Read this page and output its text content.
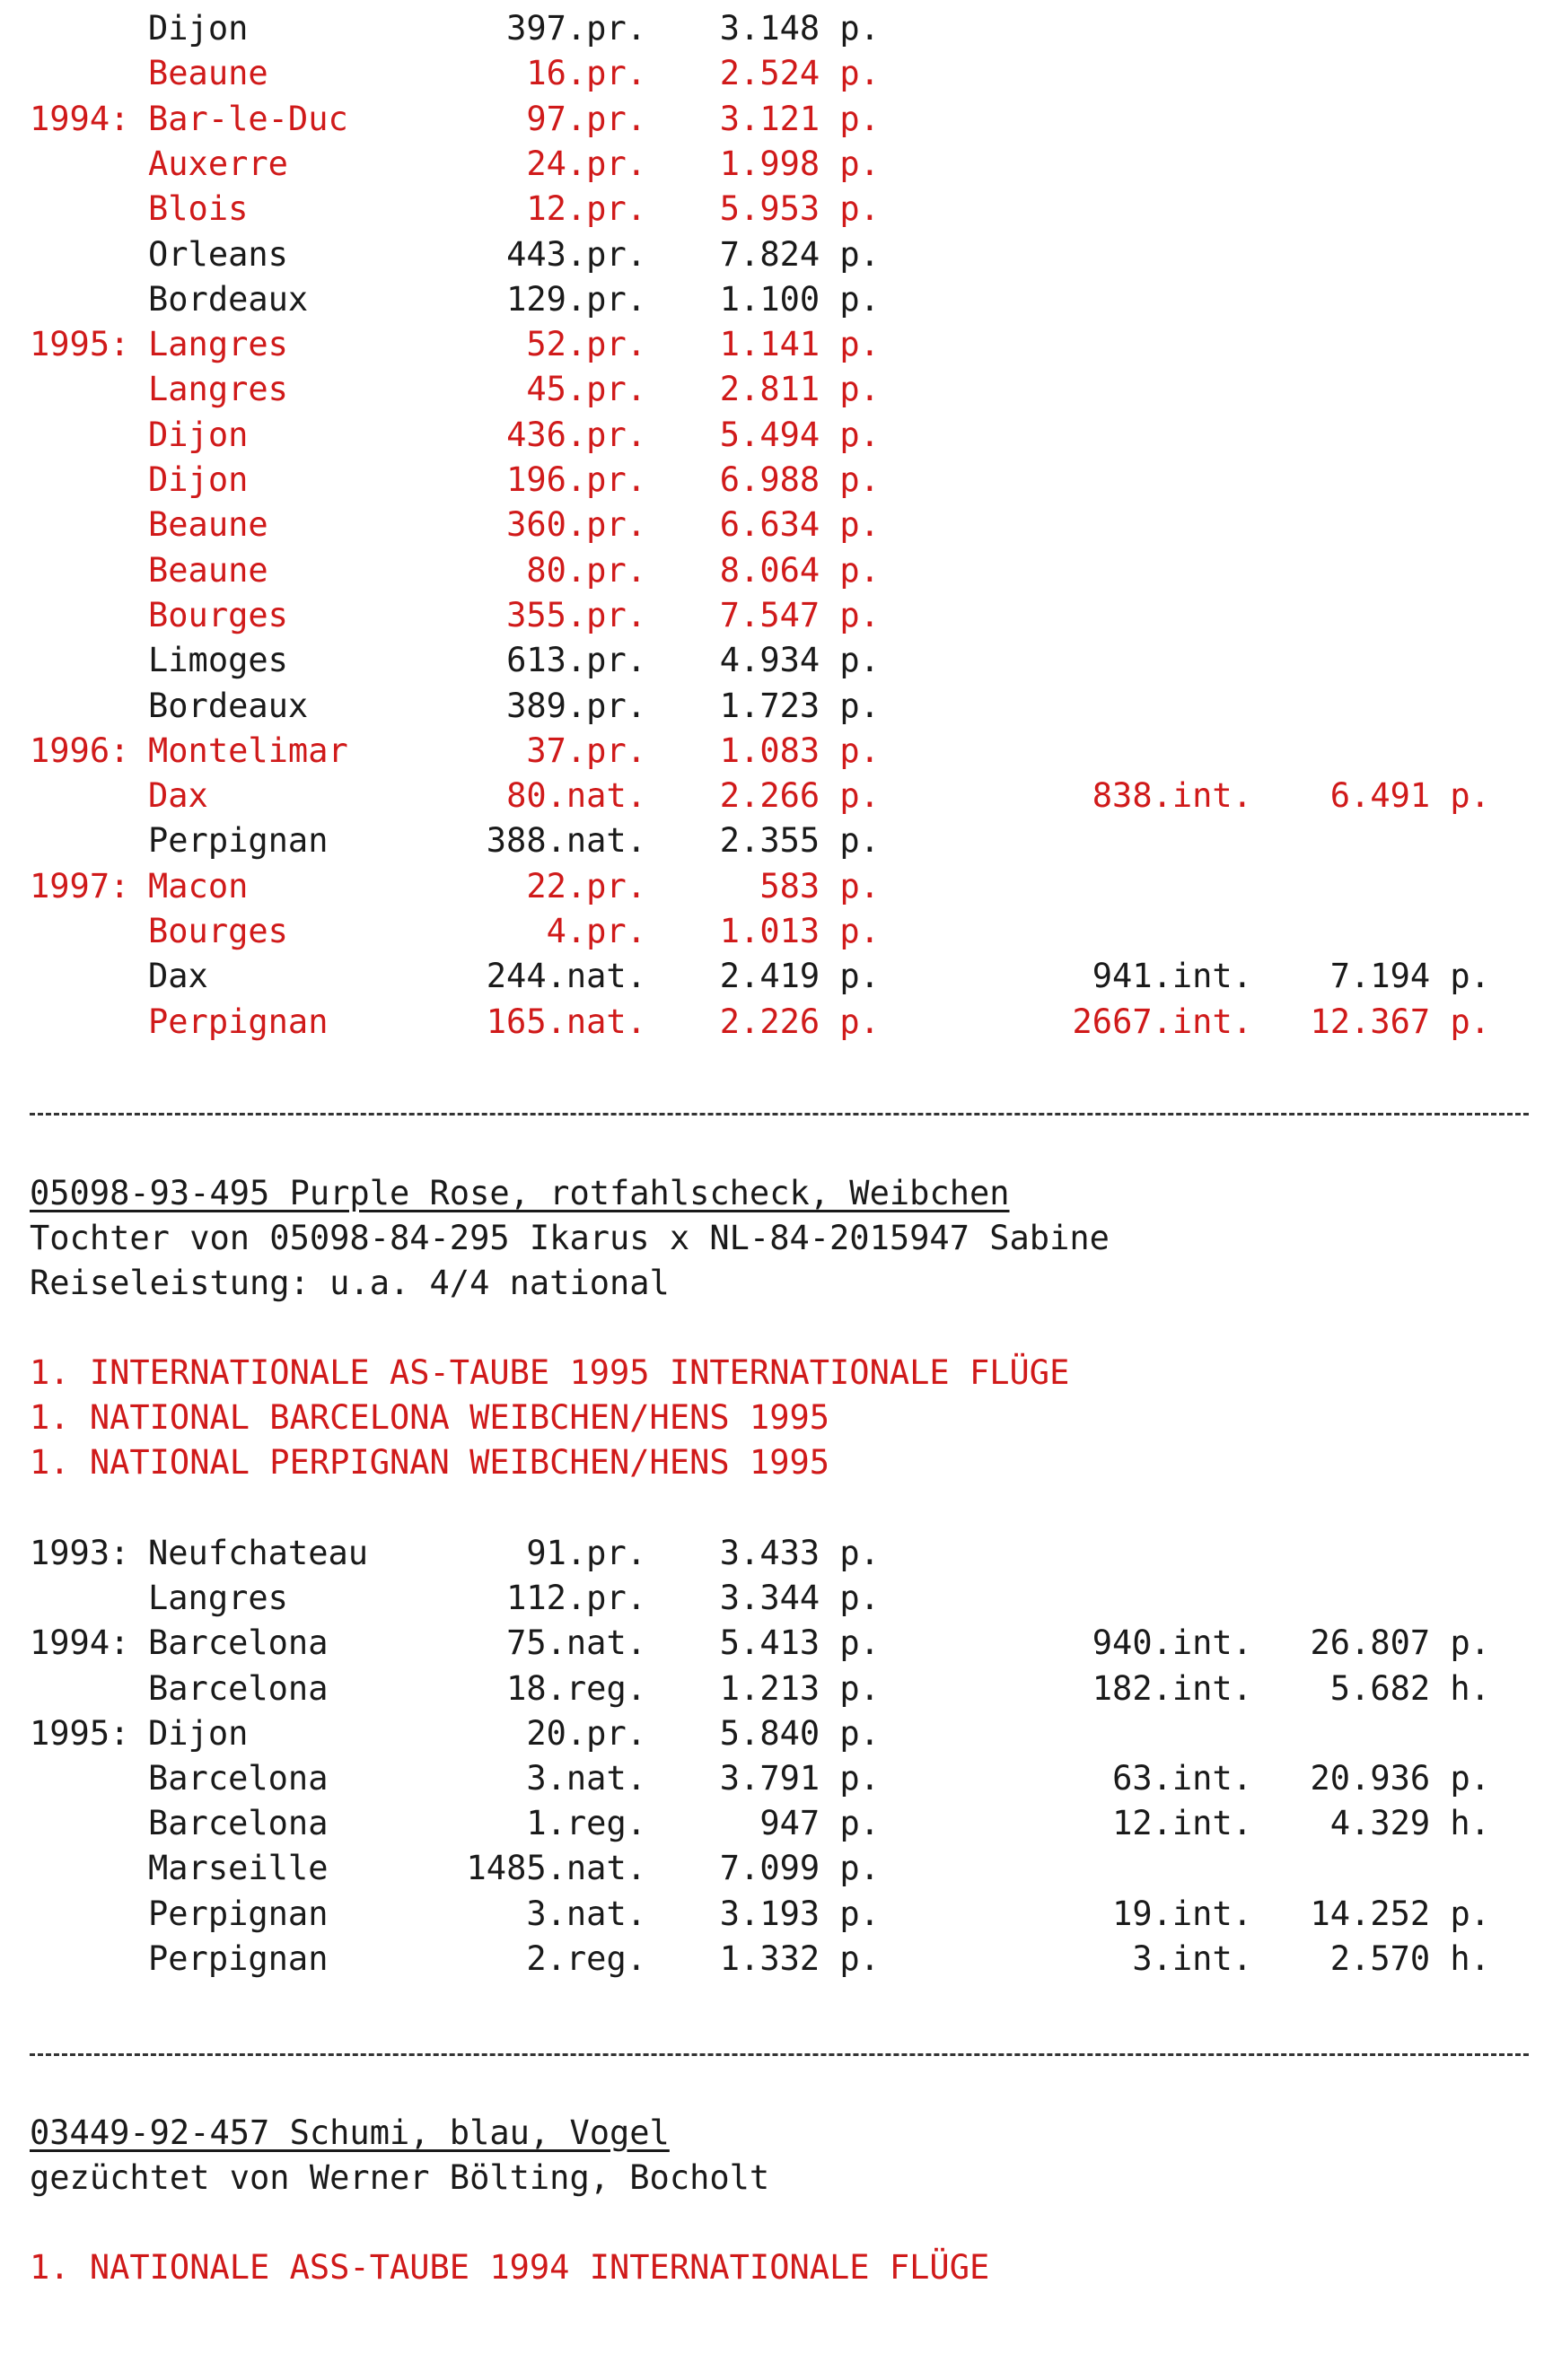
Dijon	397.pr. 3.148 p.
Beaune	16.pr. 2.524 p.
1994: Bar-le-Duc	97.pr. 3.121 p.
Auxerre	24.pr. 1.998 p.
Blois	12.pr. 5.953 p.
Orleans	443.pr. 7.824 p.
Bordeaux	129.pr. 1.100 p.
1995: Langres	52.pr. 1.141 p.
Langres	45.pr. 2.811 p.
Dijon	436.pr. 5.494 p.
Dijon	196.pr. 6.988 p.
Beaune	360.pr. 6.634 p.
Beaune	80.pr. 8.064 p.
Bourges	355.pr. 7.547 p.
Limoges	613.pr. 4.934 p.
Bordeaux	389.pr. 1.723 p.
1996: Montelimar	37.pr. 1.083 p.
Dax	80.nat. 2.266 p.	838.int. 6.491 p.
Perpignan	388.nat. 2.355 p.
1997: Macon	22.pr.	583 p.
Bourges	4.pr. 1.013 p.
Dax	244.nat. 2.419 p.	941.int. 7.194 p.
Perpignan	165.nat. 2.226 p.	2667.int. 12.367 p.

05098-93-495 Purple Rose, rotfahlscheck, Weibchen

Tochter von 05098-84-295 Ikarus x NL-84-2015947 Sabine

Reiseleistung: u.a. 4/4 national

1. INTERNATIONALE AS-TAUBE 1995 INTERNATIONALE FLÜGE

1. NATIONAL BARCELONA WEIBCHEN/HENS 1995

1. NATIONAL PERPIGNAN WEIBCHEN/HENS 1995

1993: Neufchateau	91.pr. 3.433 p.
Langres	112.pr. 3.344 p.
1994: Barcelona	75.nat. 5.413 p.	940.int. 26.807 p.
Barcelona	18.reg. 1.213 p.	182.int. 5.682 h.
1995: Dijon	20.pr. 5.840 p.
Barcelona	3.nat. 3.791 p.	63.int. 20.936 p.
Barcelona	1.reg.	947 p.	12.int. 4.329 h.
Marseille	1485.nat. 7.099 p.
Perpignan	3.nat. 3.193 p.	19.int. 14.252 p.
Perpignan	2.reg. 1.332 p.	3.int. 2.570 h.

03449-92-457 Schumi, blau, Vogel

gezüchtet von Werner Bölting, Bocholt

1. NATIONALE ASS-TAUBE 1994 INTERNATIONALE FLÜGE
